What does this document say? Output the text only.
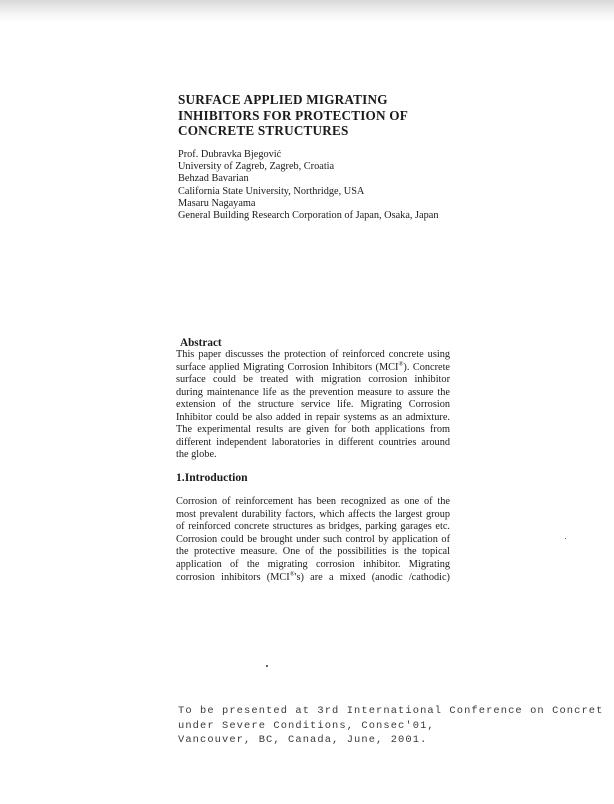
SURFACE APPLIED MIGRATING
INHIBITORS FOR PROTECTION OF
CONCRETE STRUCTURES
Prof. Dubravka Bjegović
University of Zagreb, Zagreb, Croatia
Behzad Bavarian
California State University, Northridge, USA
Masaru Nagayama
General Building Research Corporation of Japan, Osaka, Japan
Abstract
This paper discusses the protection of reinforced concrete using
surface applied Migrating Corrosion Inhibitors (MCI®). Concrete
surface could be treated with migration corrosion inhibitor
during maintenance life as the prevention measure to assure the
extension of the structure service life. Migrating Corrosion
Inhibitor could be also added in repair systems as an admixture.
The experimental results are given for both applications from
different independent laboratories in different countries around
the globe.
1.Introduction
Corrosion of reinforcement has been recognized as one of the
most prevalent durability factors, which affects the largest group
of reinforced concrete structures as bridges, parking garages etc.
Corrosion could be brought under such control by application of
the protective measure. One of the possibilities is the topical
application of the migrating corrosion inhibitor. Migrating
corrosion inhibitors (MCI®'s) are a mixed (anodic /cathodic)
To be presented at 3rd International Conference on Concret
under Severe Conditions, Consec'01,
Vancouver, BC, Canada, June, 2001.
